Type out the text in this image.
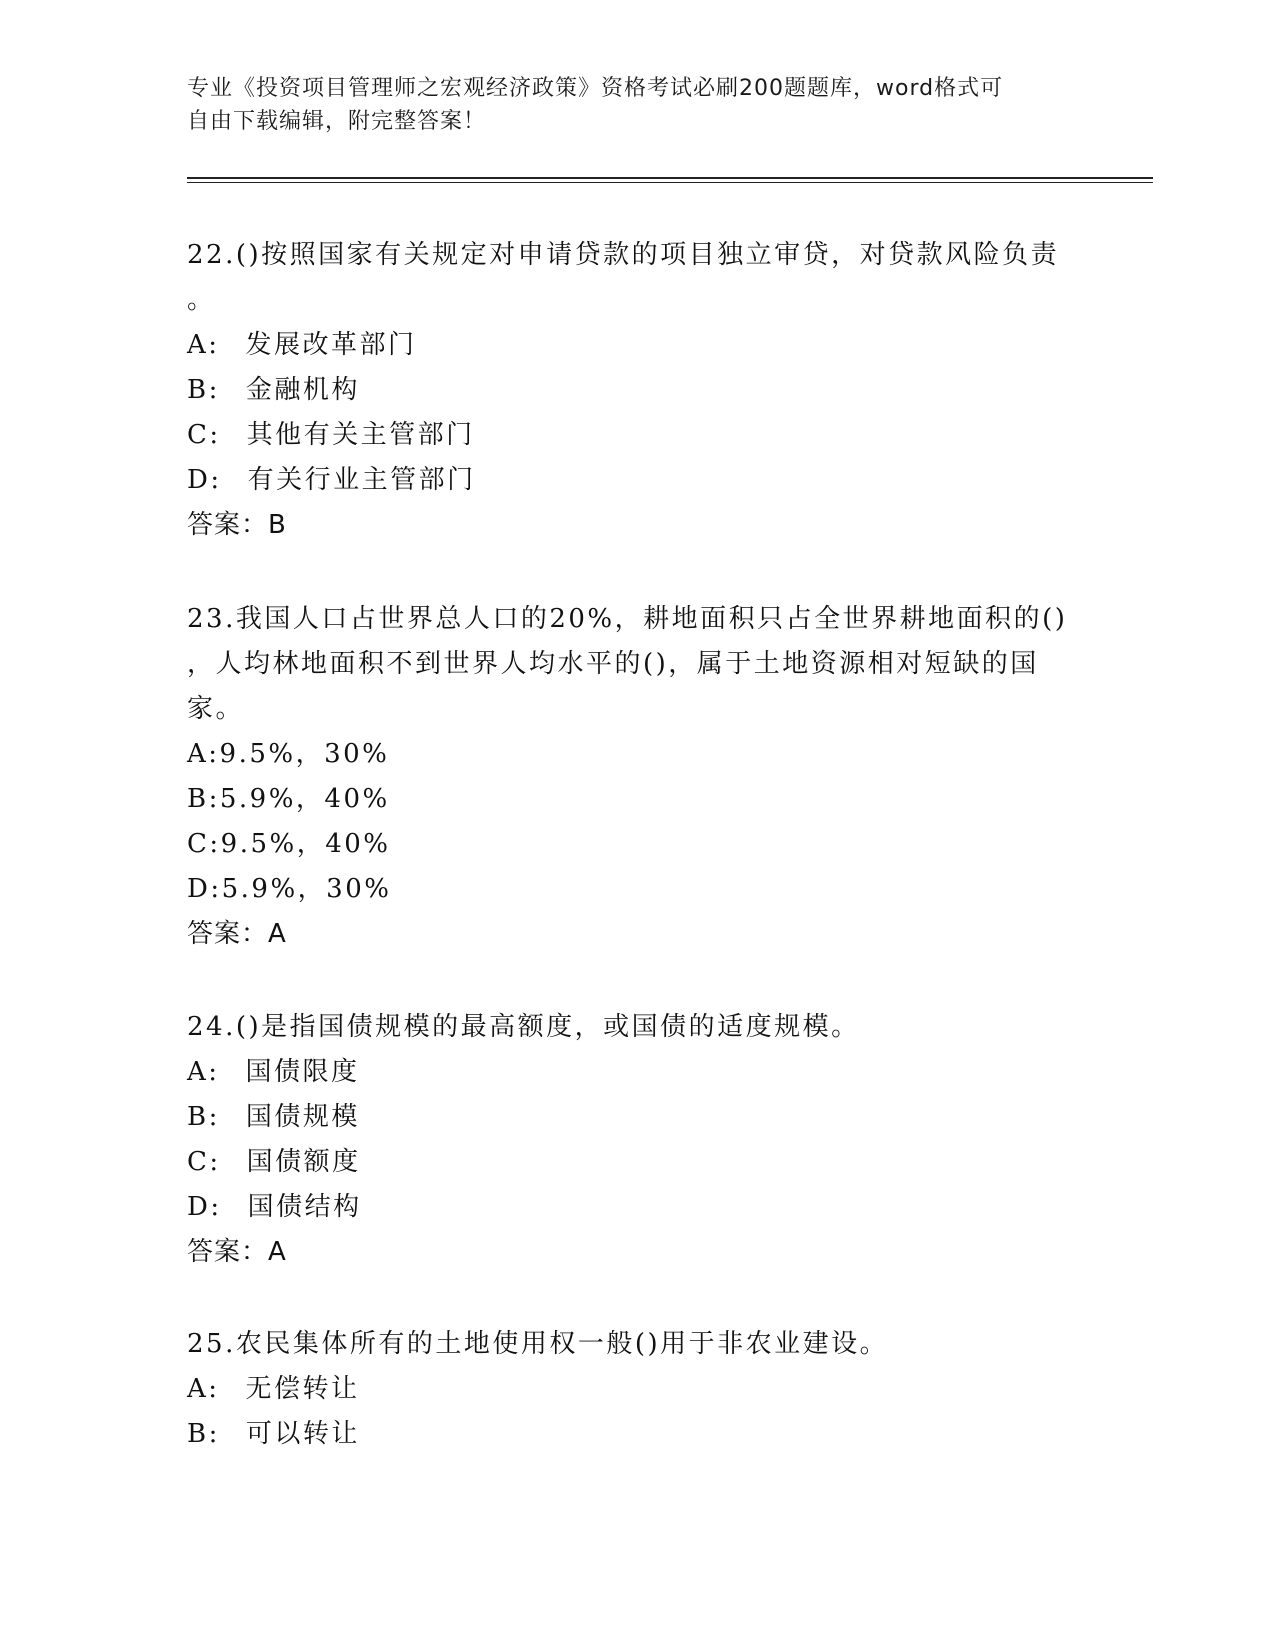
专业《投资项目管理师之宏观经济政策》资格考试必刷200题题库，word格式可
自由下载编辑，附完整答案！

22.()按照国家有关规定对申请贷款的项目独立审贷，对贷款风险负责

。

A: 发展改革部门

B: 金融机构

C: 其他有关主管部门

D: 有关行业主管部门

答案：B

23.我国人口占世界总人口的20%，耕地面积只占全世界耕地面积的()

，人均林地面积不到世界人均水平的()，属于土地资源相对短缺的国

家。

A:9.5%，30%

B:5.9%，40%

C:9.5%，40%

D:5.9%，30%

答案：A

24.()是指国债规模的最高额度，或国债的适度规模。

A: 国债限度

B: 国债规模

C: 国债额度

D: 国债结构

答案：A

25.农民集体所有的土地使用权一般()用于非农业建设。

A: 无偿转让

B: 可以转让
